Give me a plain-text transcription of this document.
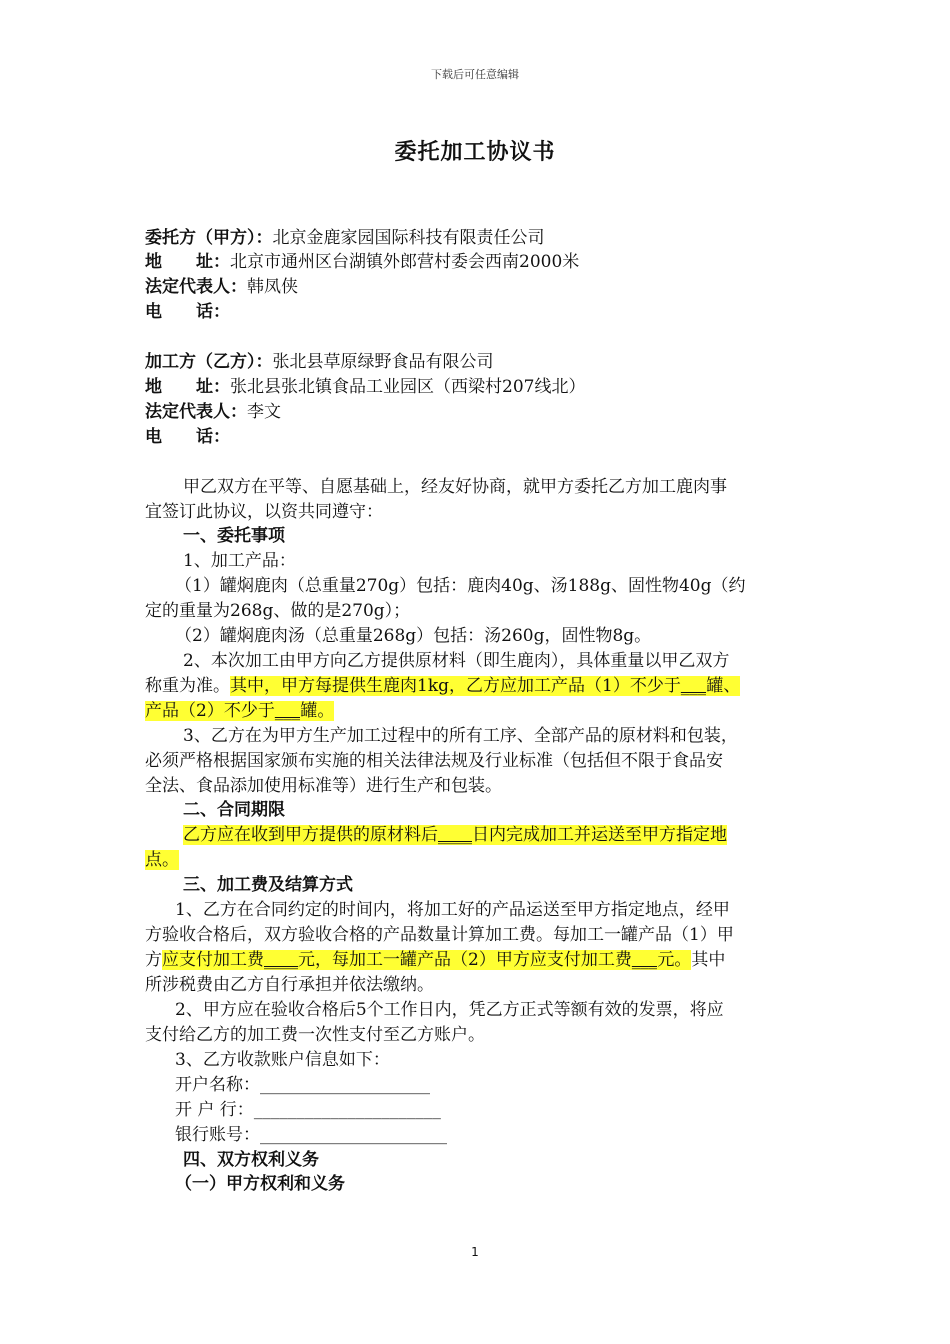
下载后可任意编辑
委托加工协议书
委托方（甲方）：北京金鹿家园国际科技有限责任公司
地　　址：北京市通州区台湖镇外郎营村委会西南2000米
法定代表人：韩凤侠
电　　话：
加工方（乙方）：张北县草原绿野食品有限公司
地　　址：张北县张北镇食品工业园区（西梁村207线北）
法定代表人：李文
电　　话：
甲乙双方在平等、自愿基础上，经友好协商，就甲方委托乙方加工鹿肉事
宜签订此协议，以资共同遵守：
一、委托事项
1、加工产品：
（1）罐焖鹿肉（总重量270g）包括：鹿肉40g、汤188g、固性物40g（约
定的重量为268g、做的是270g）；
（2）罐焖鹿肉汤（总重量268g）包括：汤260g，固性物8g。
2、本次加工由甲方向乙方提供原材料（即生鹿肉），具体重量以甲乙双方
称重为准。其中，甲方每提供生鹿肉1kg，乙方应加工产品（1）不少于___罐、
产品（2）不少于___罐。
3、乙方在为甲方生产加工过程中的所有工序、全部产品的原材料和包装，
必须严格根据国家颁布实施的相关法律法规及行业标准（包括但不限于食品安
全法、食品添加使用标准等）进行生产和包装。
二、合同期限
乙方应在收到甲方提供的原材料后____日内完成加工并运送至甲方指定地
点。
三、加工费及结算方式
1、乙方在合同约定的时间内，将加工好的产品运送至甲方指定地点，经甲
方验收合格后，双方验收合格的产品数量计算加工费。每加工一罐产品（1）甲
方应支付加工费____元，每加工一罐产品（2）甲方应支付加工费___元。其中
所涉税费由乙方自行承担并依法缴纳。
2、甲方应在验收合格后5个工作日内，凭乙方正式等额有效的发票，将应
支付给乙方的加工费一次性支付至乙方账户。
3、乙方收款账户信息如下：
开户名称：____________________
开 户 行：______________________
银行账号：______________________
四、双方权利义务
（一）甲方权利和义务
1
